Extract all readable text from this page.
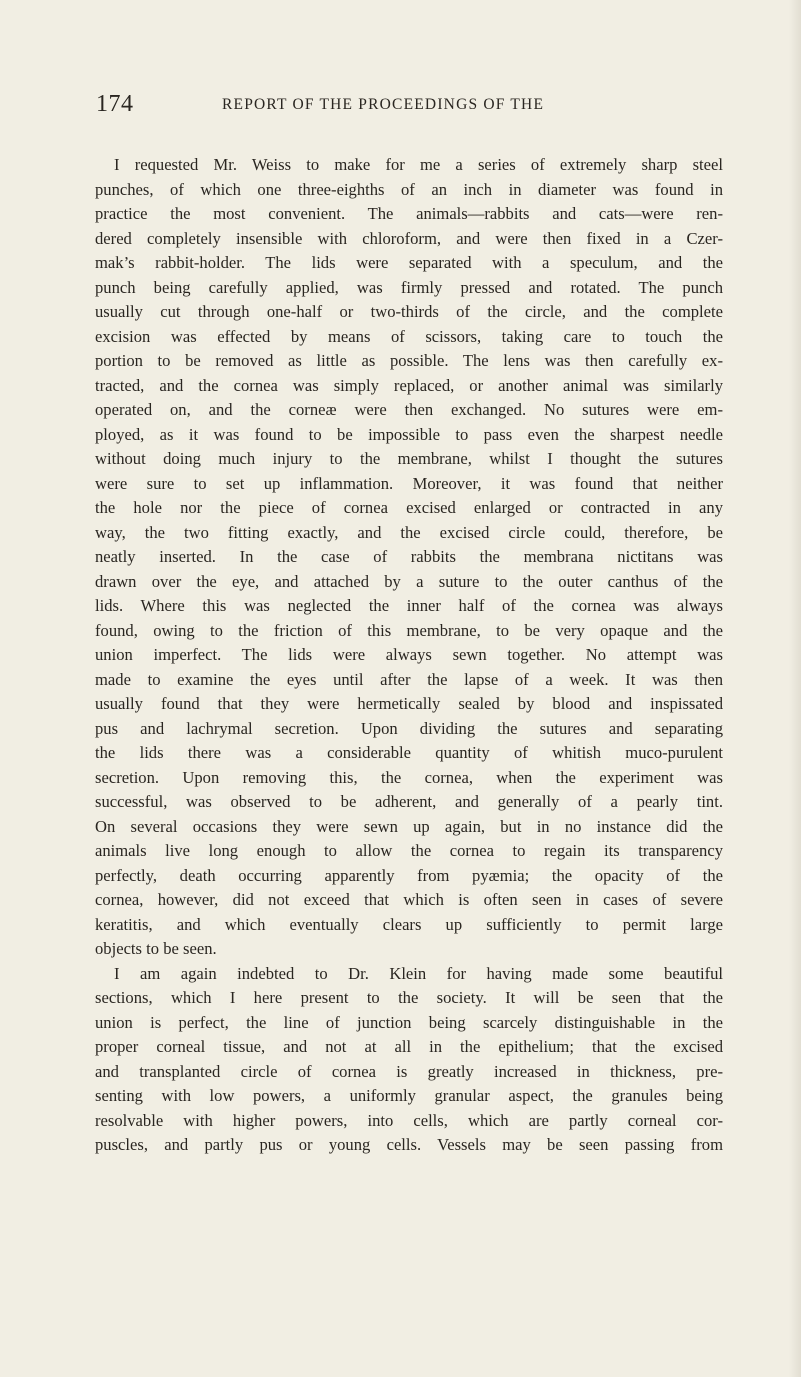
174	REPORT OF THE PROCEEDINGS OF THE
I requested Mr. Weiss to make for me a series of extremely sharp steel
punches, of which one three-eighths of an inch in diameter was found in
practice the most convenient. The animals—rabbits and cats—were ren-
dered completely insensible with chloroform, and were then fixed in a Czer-
mak’s rabbit-holder. The lids were separated with a speculum, and the
punch being carefully applied, was firmly pressed and rotated. The punch
usually cut through one-half or two-thirds of the circle, and the complete
excision was effected by means of scissors, taking care to touch the
portion to be removed as little as possible. The lens was then carefully ex-
tracted, and the cornea was simply replaced, or another animal was similarly
operated on, and the corneæ were then exchanged. No sutures were em-
ployed, as it was found to be impossible to pass even the sharpest needle
without doing much injury to the membrane, whilst I thought the sutures
were sure to set up inflammation. Moreover, it was found that neither
the hole nor the piece of cornea excised enlarged or contracted in any
way, the two fitting exactly, and the excised circle could, therefore, be
neatly inserted. In the case of rabbits the membrana nictitans was
drawn over the eye, and attached by a suture to the outer canthus of the
lids. Where this was neglected the inner half of the cornea was always
found, owing to the friction of this membrane, to be very opaque and the
union imperfect. The lids were always sewn together. No attempt was
made to examine the eyes until after the lapse of a week. It was then
usually found that they were hermetically sealed by blood and inspissated
pus and lachrymal secretion. Upon dividing the sutures and separating
the lids there was a considerable quantity of whitish muco-purulent
secretion. Upon removing this, the cornea, when the experiment was
successful, was observed to be adherent, and generally of a pearly tint.
On several occasions they were sewn up again, but in no instance did the
animals live long enough to allow the cornea to regain its transparency
perfectly, death occurring apparently from pyæmia; the opacity of the
cornea, however, did not exceed that which is often seen in cases of severe
keratitis, and which eventually clears up sufficiently to permit large
objects to be seen.
I am again indebted to Dr. Klein for having made some beautiful
sections, which I here present to the society. It will be seen that the
union is perfect, the line of junction being scarcely distinguishable in the
proper corneal tissue, and not at all in the epithelium; that the excised
and transplanted circle of cornea is greatly increased in thickness, pre-
senting with low powers, a uniformly granular aspect, the granules being
resolvable with higher powers, into cells, which are partly corneal cor-
puscles, and partly pus or young cells. Vessels may be seen passing from
